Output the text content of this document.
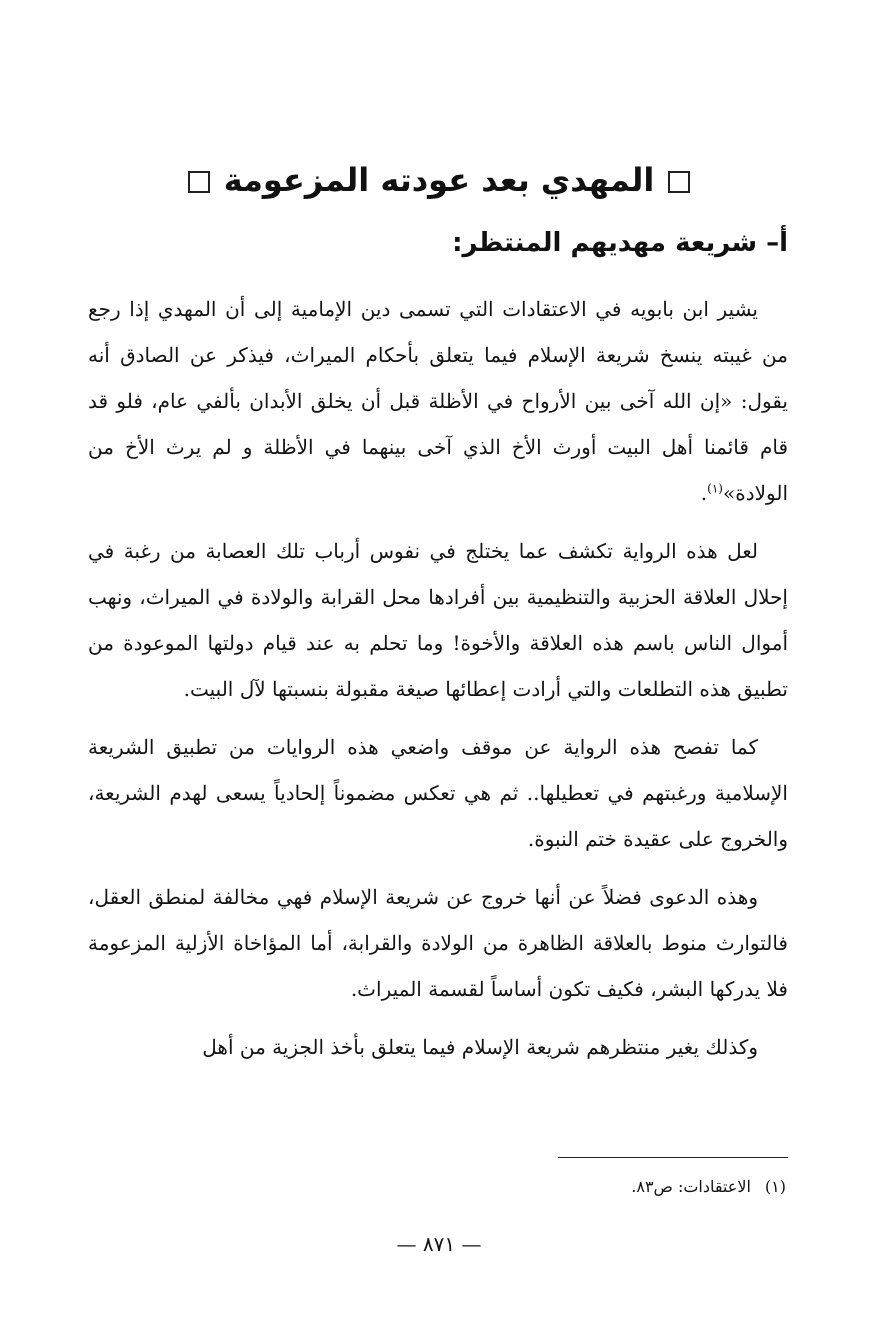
المهدي بعد عودته المزعومة
أ– شريعة مهديهم المنتظر:

يشير ابن بابويه في الاعتقادات التي تسمى دين الإمامية إلى أن المهدي إذا رجع من غيبته ينسخ شريعة الإسلام فيما يتعلق بأحكام الميراث، فيذكر عن الصادق أنه يقول: «إن الله آخى بين الأرواح في الأظلة قبل أن يخلق الأبدان بألفي عام، فلو قد قام قائمنا أهل البيت أورث الأخ الذي آخى بينهما في الأظلة و لم يرث الأخ من الولادة»$^{(١)}$.

لعل هذه الرواية تكشف عما يختلج في نفوس أرباب تلك العصابة من رغبة في إحلال العلاقة الحزبية والتنظيمية بين أفرادها محل القرابة والولادة في الميراث، ونهب أموال الناس باسم هذه العلاقة والأخوة! وما تحلم به عند قيام دولتها الموعودة من تطبيق هذه التطلعات والتي أرادت إعطائها صيغة مقبولة بنسبتها لآل البيت.

كما تفصح هذه الرواية عن موقف واضعي هذه الروايات من تطبيق الشريعة الإسلامية ورغبتهم في تعطيلها.. ثم هي تعكس مضموناً إلحادياً يسعى لهدم الشريعة، والخروج على عقيدة ختم النبوة.

وهذه الدعوى فضلاً عن أنها خروج عن شريعة الإسلام فهي مخالفة لمنطق العقل، فالتوارث منوط بالعلاقة الظاهرة من الولادة والقرابة، أما المؤاخاة الأزلية المزعومة فلا يدركها البشر، فكيف تكون أساساً لقسمة الميراث.

وكذلك يغير منتظرهم شريعة الإسلام فيما يتعلق بأخذ الجزية من أهل

(١)الاعتقادات: ص٨٣.
— ٨٧١ —
